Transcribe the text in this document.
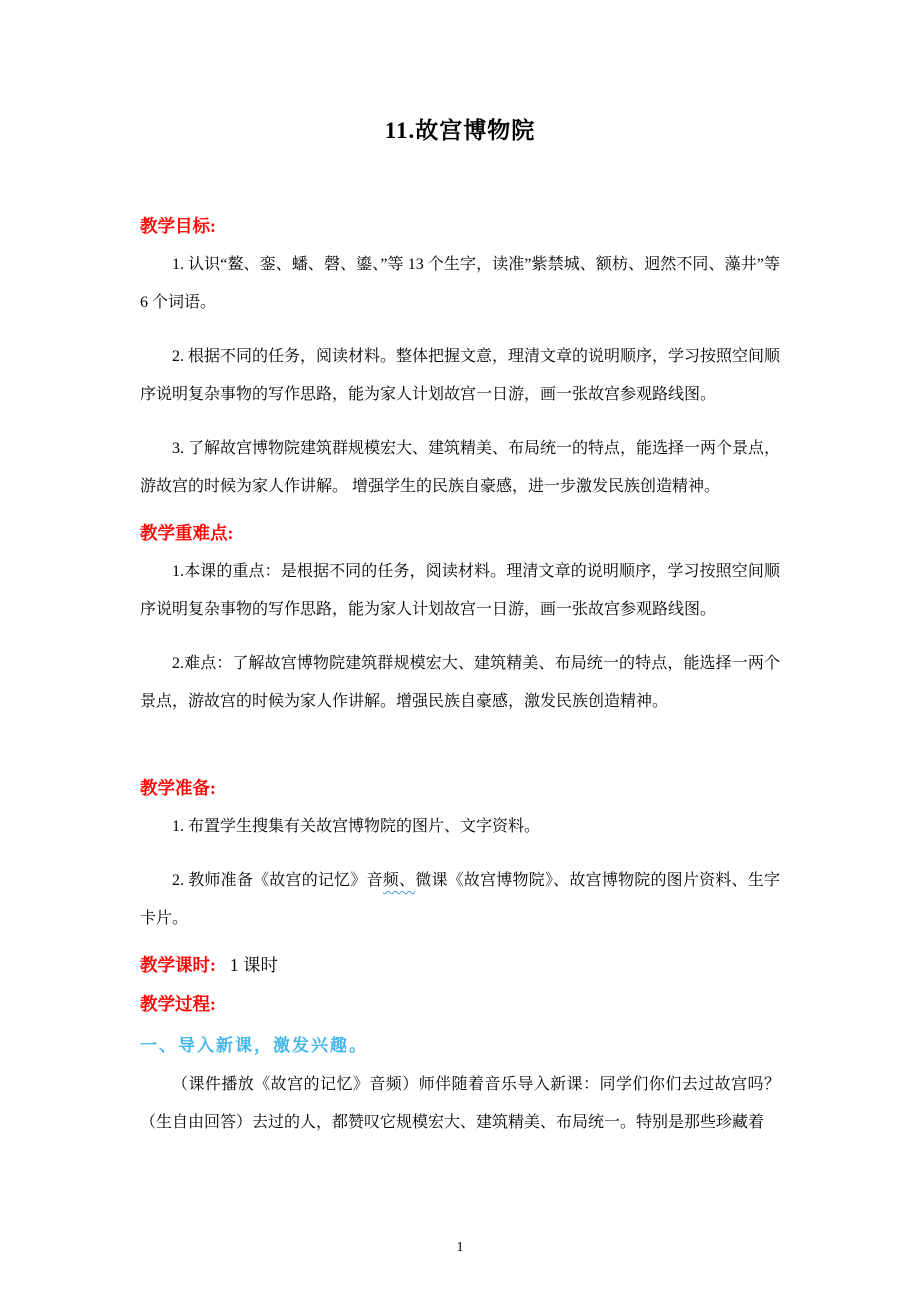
11.故宫博物院

教学目标:

1. 认识“鳌、銮、蟠、磬、鎏、”等 13 个生字，读准”紫禁城、额枋、迥然不同、藻井”等 6 个词语。

2. 根据不同的任务，阅读材料。整体把握文意，理清文章的说明顺序，学习按照空间顺序说明复杂事物的写作思路，能为家人计划故宫一日游，画一张故宫参观路线图。

3. 了解故宫博物院建筑群规模宏大、建筑精美、布局统一的特点，能选择一两个景点，游故宫的时候为家人作讲解。 增强学生的民族自豪感，进一步激发民族创造精神。

教学重难点:

1.本课的重点：是根据不同的任务，阅读材料。理清文章的说明顺序，学习按照空间顺序说明复杂事物的写作思路，能为家人计划故宫一日游，画一张故宫参观路线图。

2.难点：了解故宫博物院建筑群规模宏大、建筑精美、布局统一的特点，能选择一两个景点，游故宫的时候为家人作讲解。增强民族自豪感，激发民族创造精神。

教学准备:

1. 布置学生搜集有关故宫博物院的图片、文字资料。

2. 教师准备《故宫的记忆》音频、微课《故宫博物院》、故宫博物院的图片资料、生字卡片。

教学课时: 1 课时

教学过程:

一、导入新课，激发兴趣。

（课件播放《故宫的记忆》音频）师伴随着音乐导入新课：同学们你们去过故宫吗？（生自由回答）去过的人，都赞叹它规模宏大、建筑精美、布局统一。特别是那些珍藏着

1
